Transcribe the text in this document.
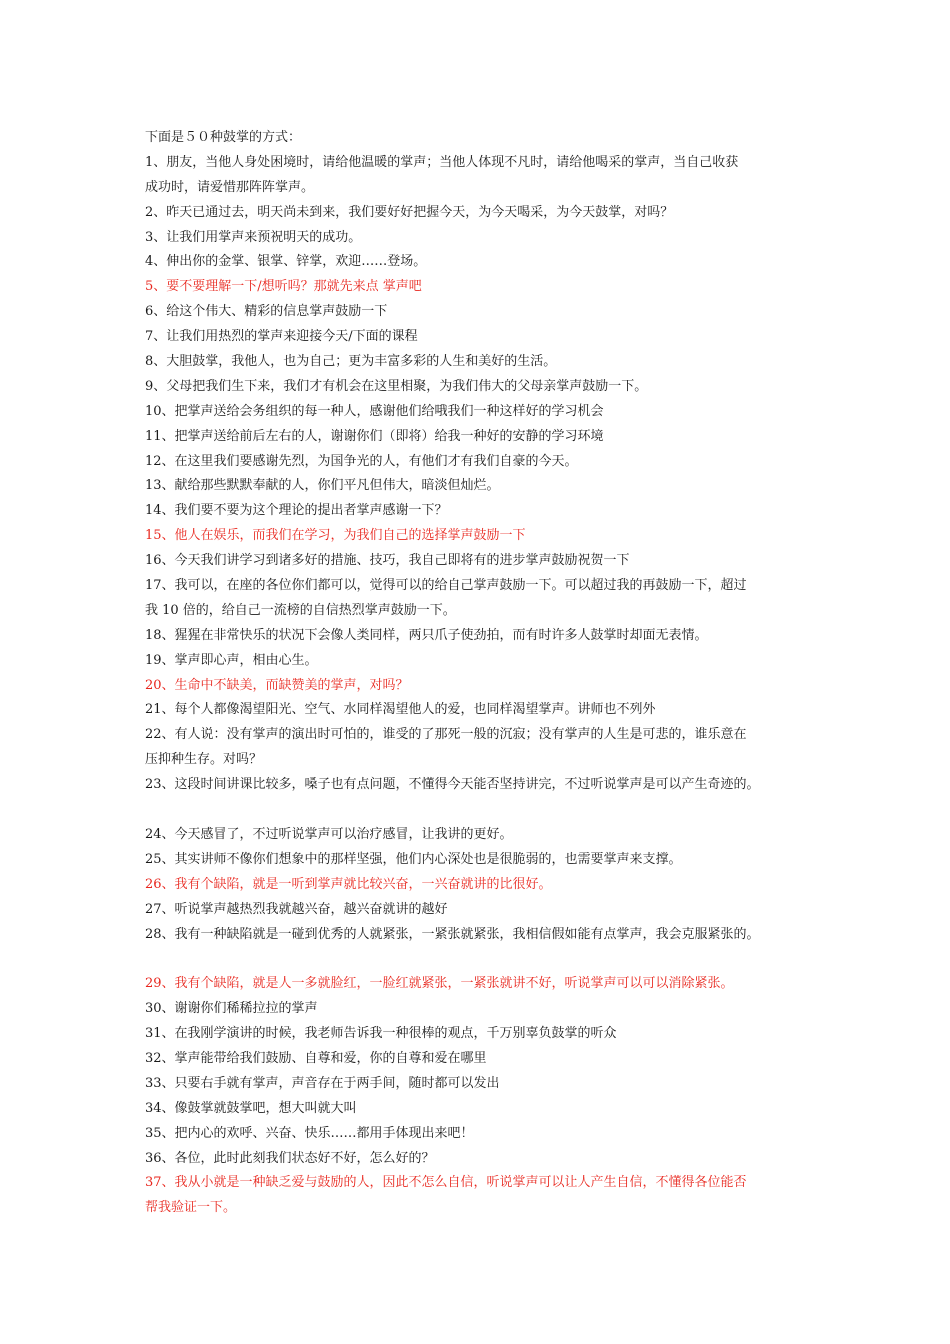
下面是５０种鼓掌的方式：
1、朋友，当他人身处困境时，请给他温暖的掌声；当他人体现不凡时，请给他喝采的掌声，当自己收获
成功时，请爱惜那阵阵掌声。
2、昨天已通过去，明天尚未到来，我们要好好把握今天，为今天喝采，为今天鼓掌，对吗？
3、让我们用掌声来预祝明天的成功。
4、伸出你的金掌、银掌、锌掌，欢迎……登场。
5、要不要理解一下/想听吗？那就先来点 掌声吧
6、给这个伟大、精彩的信息掌声鼓励一下
7、让我们用热烈的掌声来迎接今天/下面的课程
8、大胆鼓掌，我他人，也为自己；更为丰富多彩的人生和美好的生活。
9、父母把我们生下来，我们才有机会在这里相聚，为我们伟大的父母亲掌声鼓励一下。
10、把掌声送给会务组织的每一种人，感谢他们给哦我们一种这样好的学习机会
11、把掌声送给前后左右的人，谢谢你们（即将）给我一种好的安静的学习环境
12、在这里我们要感谢先烈，为国争光的人，有他们才有我们自豪的今天。
13、献给那些默默奉献的人，你们平凡但伟大，暗淡但灿烂。
14、我们要不要为这个理论的提出者掌声感谢一下？
15、他人在娱乐，而我们在学习，为我们自己的选择掌声鼓励一下
16、今天我们讲学习到诸多好的措施、技巧，我自己即将有的进步掌声鼓励祝贺一下
17、我可以，在座的各位你们都可以，觉得可以的给自己掌声鼓励一下。可以超过我的再鼓励一下，超过
我 10 倍的，给自己一流榜的自信热烈掌声鼓励一下。
18、猩猩在非常快乐的状况下会像人类同样，两只爪子使劲拍，而有时许多人鼓掌时却面无表情。
19、掌声即心声，相由心生。
20、生命中不缺美，而缺赞美的掌声，对吗？
21、每个人都像渴望阳光、空气、水同样渴望他人的爱，也同样渴望掌声。讲师也不列外
22、有人说：没有掌声的演出时可怕的，谁受的了那死一般的沉寂；没有掌声的人生是可悲的，谁乐意在
压抑种生存。对吗？
23、这段时间讲课比较多，嗓子也有点问题，不懂得今天能否坚持讲完，不过听说掌声是可以产生奇迹的。
24、今天感冒了，不过听说掌声可以治疗感冒，让我讲的更好。
25、其实讲师不像你们想象中的那样坚强，他们内心深处也是很脆弱的，也需要掌声来支撑。
26、我有个缺陷，就是一听到掌声就比较兴奋，一兴奋就讲的比很好。
27、听说掌声越热烈我就越兴奋，越兴奋就讲的越好
28、我有一种缺陷就是一碰到优秀的人就紧张，一紧张就紧张，我相信假如能有点掌声，我会克服紧张的。
29、我有个缺陷，就是人一多就脸红，一脸红就紧张，一紧张就讲不好，听说掌声可以可以消除紧张。
30、谢谢你们稀稀拉拉的掌声
31、在我刚学演讲的时候，我老师告诉我一种很棒的观点，千万别辜负鼓掌的听众
32、掌声能带给我们鼓励、自尊和爱，你的自尊和爱在哪里
33、只要右手就有掌声，声音存在于两手间，随时都可以发出
34、像鼓掌就鼓掌吧，想大叫就大叫
35、把内心的欢呼、兴奋、快乐……都用手体现出来吧！
36、各位，此时此刻我们状态好不好，怎么好的？
37、我从小就是一种缺乏爱与鼓励的人，因此不怎么自信，听说掌声可以让人产生自信，不懂得各位能否
帮我验证一下。
